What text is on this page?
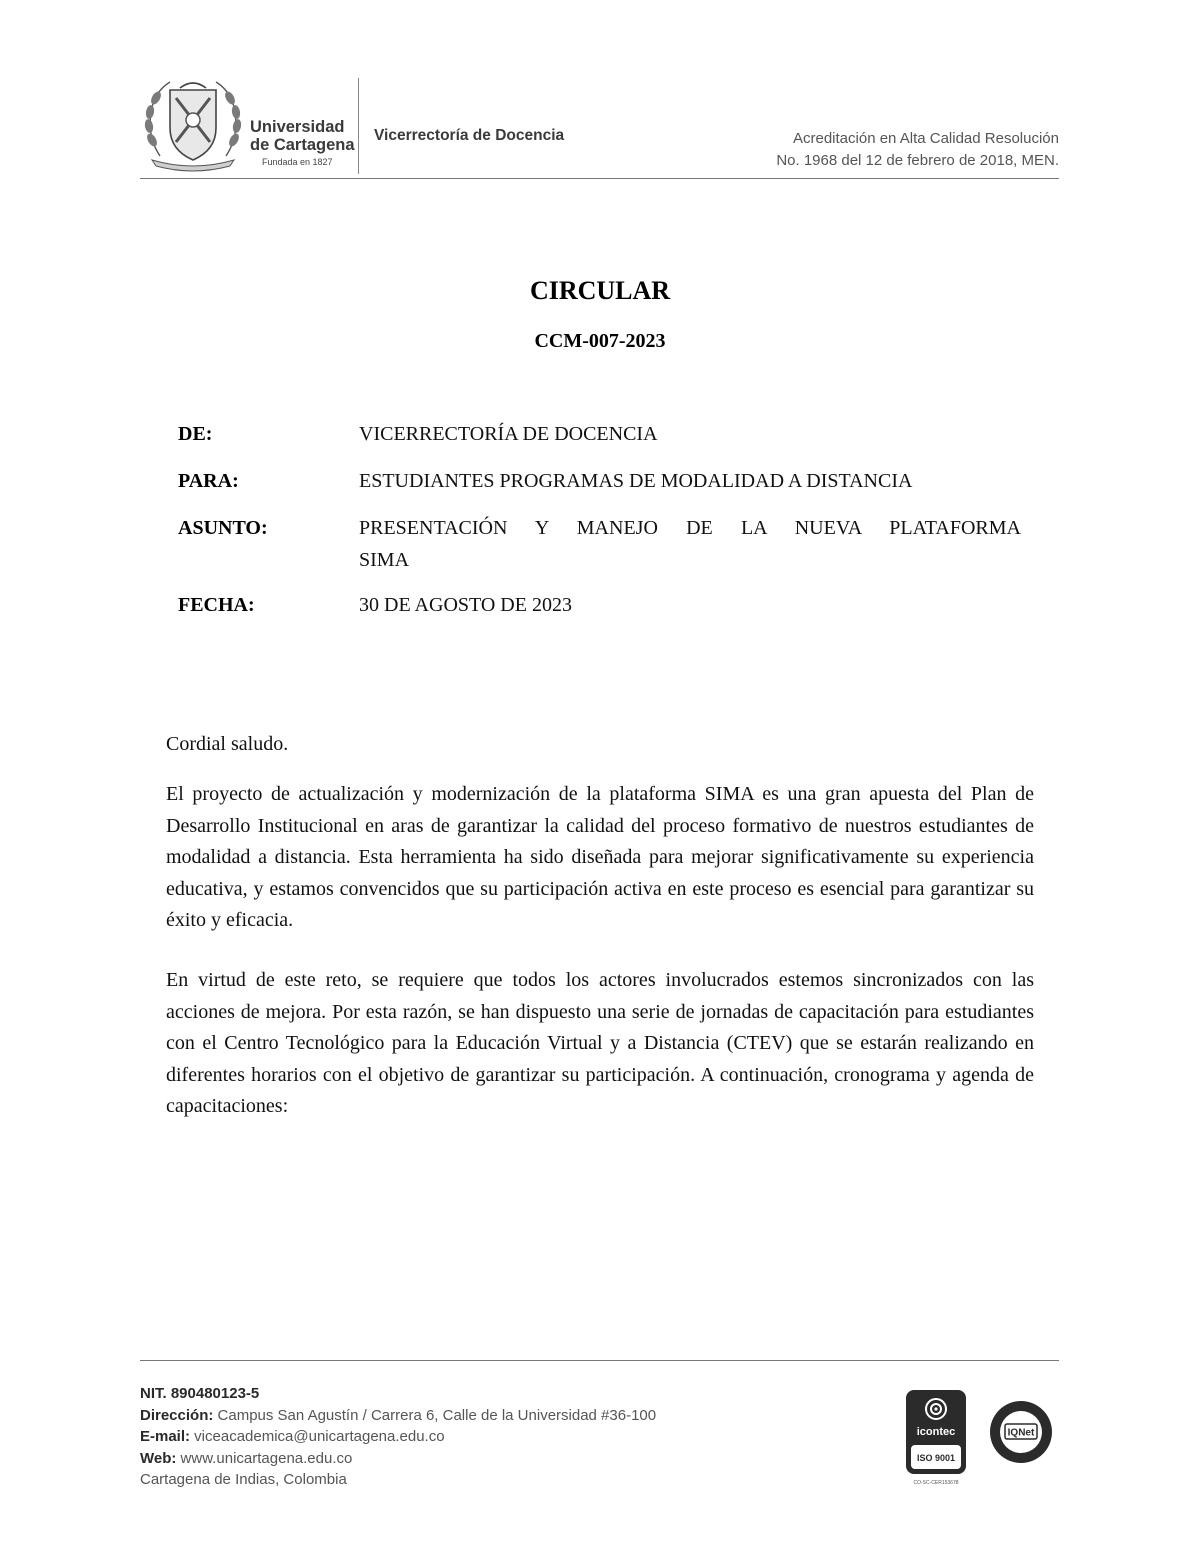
Universidad
de Cartagena
Fundada en 1827
Vicerrectoría de Docencia	Acreditación en Alta Calidad Resolución
No. 1968 del 12 de febrero de 2018, MEN.
CIRCULAR
CCM-007-2023
DE:	VICERRECTORÍA DE DOCENCIA
PARA:	ESTUDIANTES PROGRAMAS DE MODALIDAD A DISTANCIA
ASUNTO:	PRESENTACIÓN Y MANEJO DE LA NUEVA PLATAFORMA
SIMA
FECHA:	30 DE AGOSTO DE 2023
Cordial saludo.

El proyecto de actualización y modernización de la plataforma SIMA es una gran apuesta del Plan de Desarrollo Institucional en aras de garantizar la calidad del proceso formativo de nuestros estudiantes de modalidad a distancia. Esta herramienta ha sido diseñada para mejorar significativamente su experiencia educativa, y estamos convencidos que su participación activa en este proceso es esencial para garantizar su éxito y eficacia.

En virtud de este reto, se requiere que todos los actores involucrados estemos sincronizados con las acciones de mejora. Por esta razón, se han dispuesto una serie de jornadas de capacitación para estudiantes con el Centro Tecnológico para la Educación Virtual y a Distancia (CTEV) que se estarán realizando en diferentes horarios con el objetivo de garantizar su participación. A continuación, cronograma y agenda de capacitaciones:

NIT. 890480123-5
Dirección: Campus San Agustín / Carrera 6, Calle de la Universidad #36-100
E-mail: viceacademica@unicartagena.edu.co
Web: www.unicartagena.edu.co
Cartagena de Indias, Colombia
icontec
ISO 9001
CO-SC-CER153678
IQNet
